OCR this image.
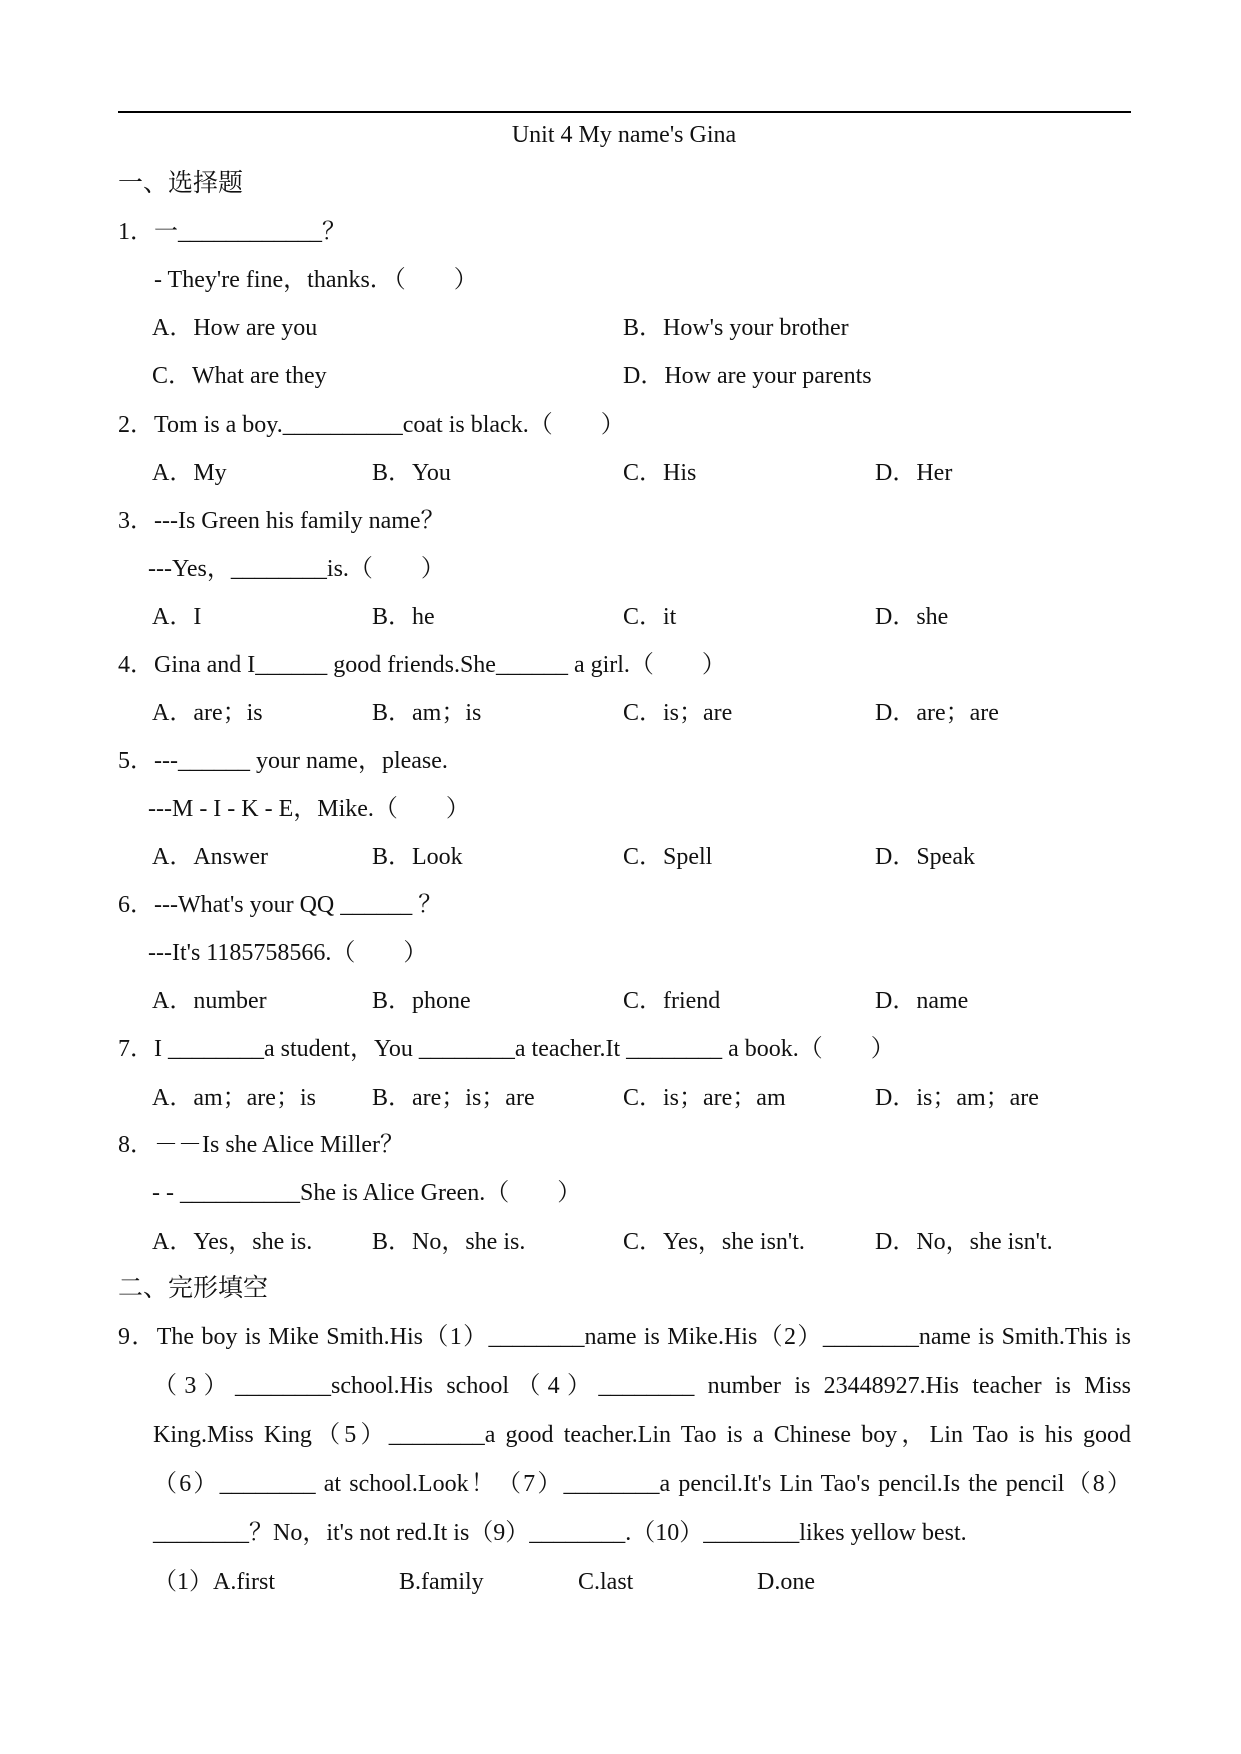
Unit 4 My name's Gina
一、选择题
1．一____________？
- They're fine，thanks．（　　）
A．How are you	B．How's your brother
C．What are they	D．How are your parents
2．Tom is a boy.__________coat is black.（　　）
A．My	B．You	C．His	D．Her
3．---Is Green his family name？
---Yes，________is.（　　）
A．I	B．he	C．it	D．she
4．Gina and I______ good friends.She______ a girl.（　　）
A．are；is	B．am；is	C．is；are	D．are；are
5．---______ your name，please.
---M - I - K - E，Mike.（　　）
A．Answer	B．Look	C．Spell	D．Speak
6．---What's your QQ ______ ？
---It's 1185758566.（　　）
A．number	B．phone	C．friend	D．name
7．I ________a student，You ________a teacher.It ________ a book.（　　）
A．am；are；is B．are；is；are	C．is；are；am	D．is；am；are
8．－－Is she Alice Miller？
- - __________She is Alice Green.（　　）
A．Yes，she is. B．No，she is.	C．Yes，she isn't.	D．No，she isn't.
二、完形填空
9．The boy is Mike Smith.His（1）________name is Mike.His（2）________name is Smith.This is
（3）________school.His school（4）________ number is 23448927.His teacher is Miss
King.Miss King（5）________a good teacher.Lin Tao is a Chinese boy，Lin Tao is his good
（6）________ at school.Look！（7）________a pencil.It's Lin Tao's pencil.Is the pencil（8）
________？No，it's not red.It is（9）________.（10）________likes yellow best.
（1）A.first	B.family	C.last	D.one
